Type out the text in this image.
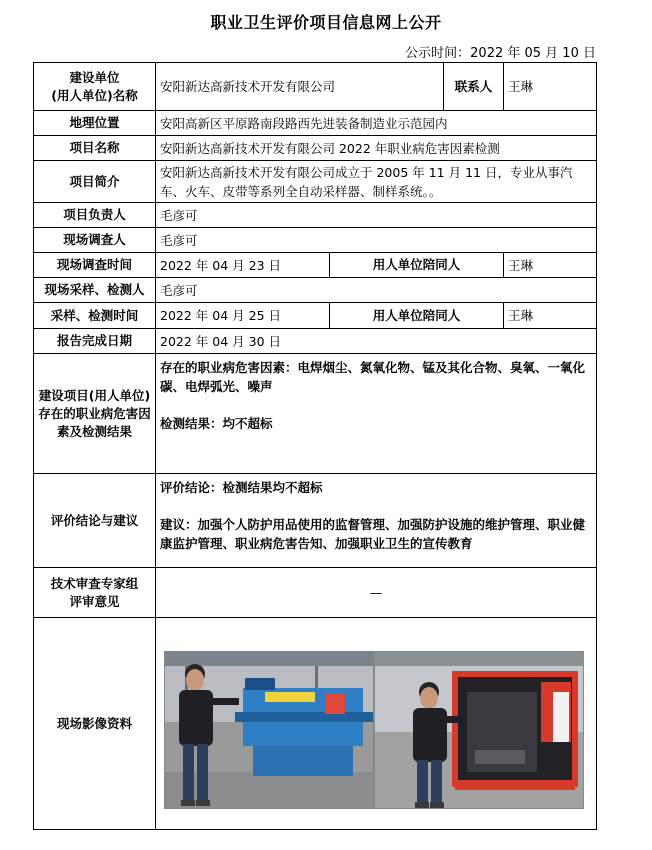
职业卫生评价项目信息网上公开
公示时间：2022 年 05 月 10 日
建设单位
(用人单位)名称	安阳新达高新技术开发有限公司		联系人	王琳
地理位置	安阳高新区平原路南段路西先进装备制造业示范园内			
项目名称	安阳新达高新技术开发有限公司 2022 年职业病危害因素检测			
项目简介	安阳新达高新技术开发有限公司成立于 2005 年 11 月 11 日，专业从事汽车、火车、皮带等系列全自动采样器、制样系统。。			
项目负责人	毛彦可			
现场调查人	毛彦可			
现场调查时间	2022 年 04 月 23 日	用人单位陪同人		王琳
现场采样、检测人	毛彦可			
采样、检测时间	2022 年 04 月 25 日	用人单位陪同人		王琳
报告完成日期	2022 年 04 月 30 日			
建设项目(用人单位)存在的职业病危害因素及检测结果	存在的职业病危害因素：电焊烟尘、氮氧化物、锰及其化合物、臭氧、一氧化碳、电焊弧光、噪声
检测结果：均不超标			

评价结论与建议	评价结论：检测结果均不超标
建议：加强个人防护用品使用的监督管理、加强防护设施的维护管理、职业健康监护管理、职业病危害告知、加强职业卫生的宣传教育			

技术审查专家组
评审意见	—			
现场影像资料				
